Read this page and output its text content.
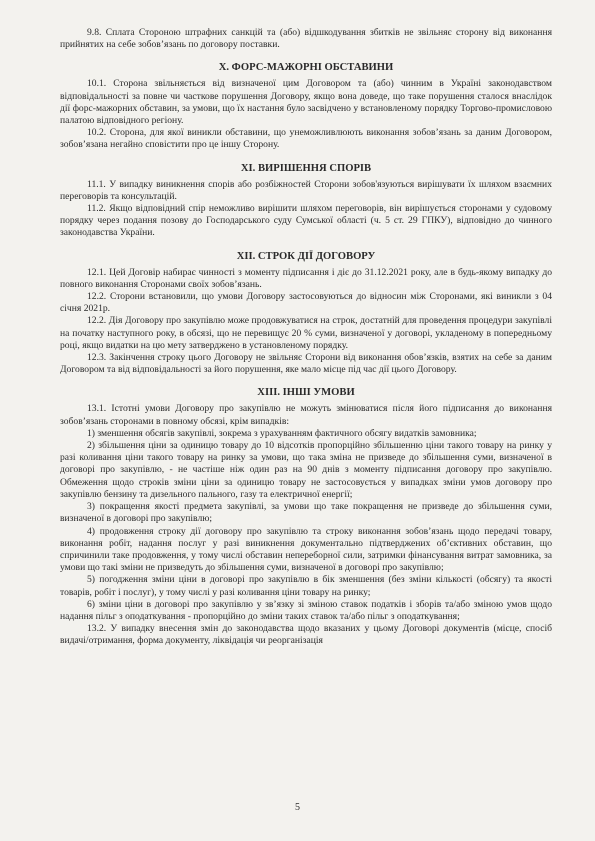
9.8. Сплата Стороною штрафних санкцій та (або) відшкодування збитків не звільняє сторону від виконання прийнятих на себе зобов’язань по договору поставки.

X. ФОРС-МАЖОРНІ ОБСТАВИНИ

10.1. Сторона звільняється від визначеної цим Договором та (або) чинним в Україні законодавством відповідальності за повне чи часткове порушення Договору, якщо вона доведе, що таке порушення сталося внаслідок дії форс-мажорних обставин, за умови, що їх настання було засвідчено у встановленому порядку Торгово-промисловою палатою відповідного регіону.

10.2. Сторона, для якої виникли обставини, що унеможливлюють виконання зобов’язань за даним Договором, зобов’язана негайно сповістити про це іншу Сторону.

XI. ВИРІШЕННЯ СПОРІВ

11.1. У випадку виникнення спорів або розбіжностей Сторони зобов'язуються вирішувати їх шляхом взаємних переговорів та консультацій.

11.2. Якщо відповідний спір неможливо вирішити шляхом переговорів, він вирішується сторонами у судовому порядку через подання позову до Господарського суду Сумської області (ч. 5 ст. 29 ГПКУ), відповідно до чинного законодавства України.

XII. СТРОК ДІЇ ДОГОВОРУ

12.1. Цей Договір набирає чинності з моменту підписання і діє до 31.12.2021 року, але в будь-якому випадку до повного виконання Сторонами своїх зобов’язань.

12.2. Сторони встановили, що умови Договору застосовуються до відносин між Сторонами, які виникли з 04 січня 2021р.

12.2. Дія Договору про закупівлю може продовжуватися на строк, достатній для проведення процедури закупівлі на початку наступного року, в обсязі, що не перевищує 20 % суми, визначеної у договорі, укладеному в попередньому році, якщо видатки на цю мету затверджено в установленому порядку.

12.3. Закінчення строку цього Договору не звільняє Сторони від виконання обов’язків, взятих на себе за даним Договором та від відповідальності за його порушення, яке мало місце під час дії цього Договору.

XIII. ІНШІ УМОВИ

13.1. Істотні умови Договору про закупівлю не можуть змінюватися після його підписання до виконання зобов’язань сторонами в повному обсязі, крім випадків:

1) зменшення обсягів закупівлі, зокрема з урахуванням фактичного обсягу видатків замовника;

2) збільшення ціни за одиницю товару до 10 відсотків пропорційно збільшенню ціни такого товару на ринку у разі коливання ціни такого товару на ринку за умови, що така зміна не призведе до збільшення суми, визначеної в договорі про закупівлю, - не частіше ніж один раз на 90 днів з моменту підписання договору про закупівлю. Обмеження щодо строків зміни ціни за одиницю товару не застосовується у випадках зміни умов договору про закупівлю бензину та дизельного пального, газу та електричної енергії;

3) покращення якості предмета закупівлі, за умови що таке покращення не призведе до збільшення суми, визначеної в договорі про закупівлю;

4) продовження строку дії договору про закупівлю та строку виконання зобов’язань щодо передачі товару, виконання робіт, надання послуг у разі виникнення документально підтверджених об’єктивних обставин, що спричинили таке продовження, у тому числі обставин непереборної сили, затримки фінансування витрат замовника, за умови що такі зміни не призведуть до збільшення суми, визначеної в договорі про закупівлю;

5) погодження зміни ціни в договорі про закупівлю в бік зменшення (без зміни кількості (обсягу) та якості товарів, робіт і послуг), у тому числі у разі коливання ціни товару на ринку;

6) зміни ціни в договорі про закупівлю у зв’язку зі зміною ставок податків і зборів та/або зміною умов щодо надання пільг з оподаткування - пропорційно до зміни таких ставок та/або пільг з оподаткування;

13.2. У випадку внесення змін до законодавства щодо вказаних у цьому Договорі документів (місце, спосіб видачі/отримання, форма документу, ліквідація чи реорганізація

5
